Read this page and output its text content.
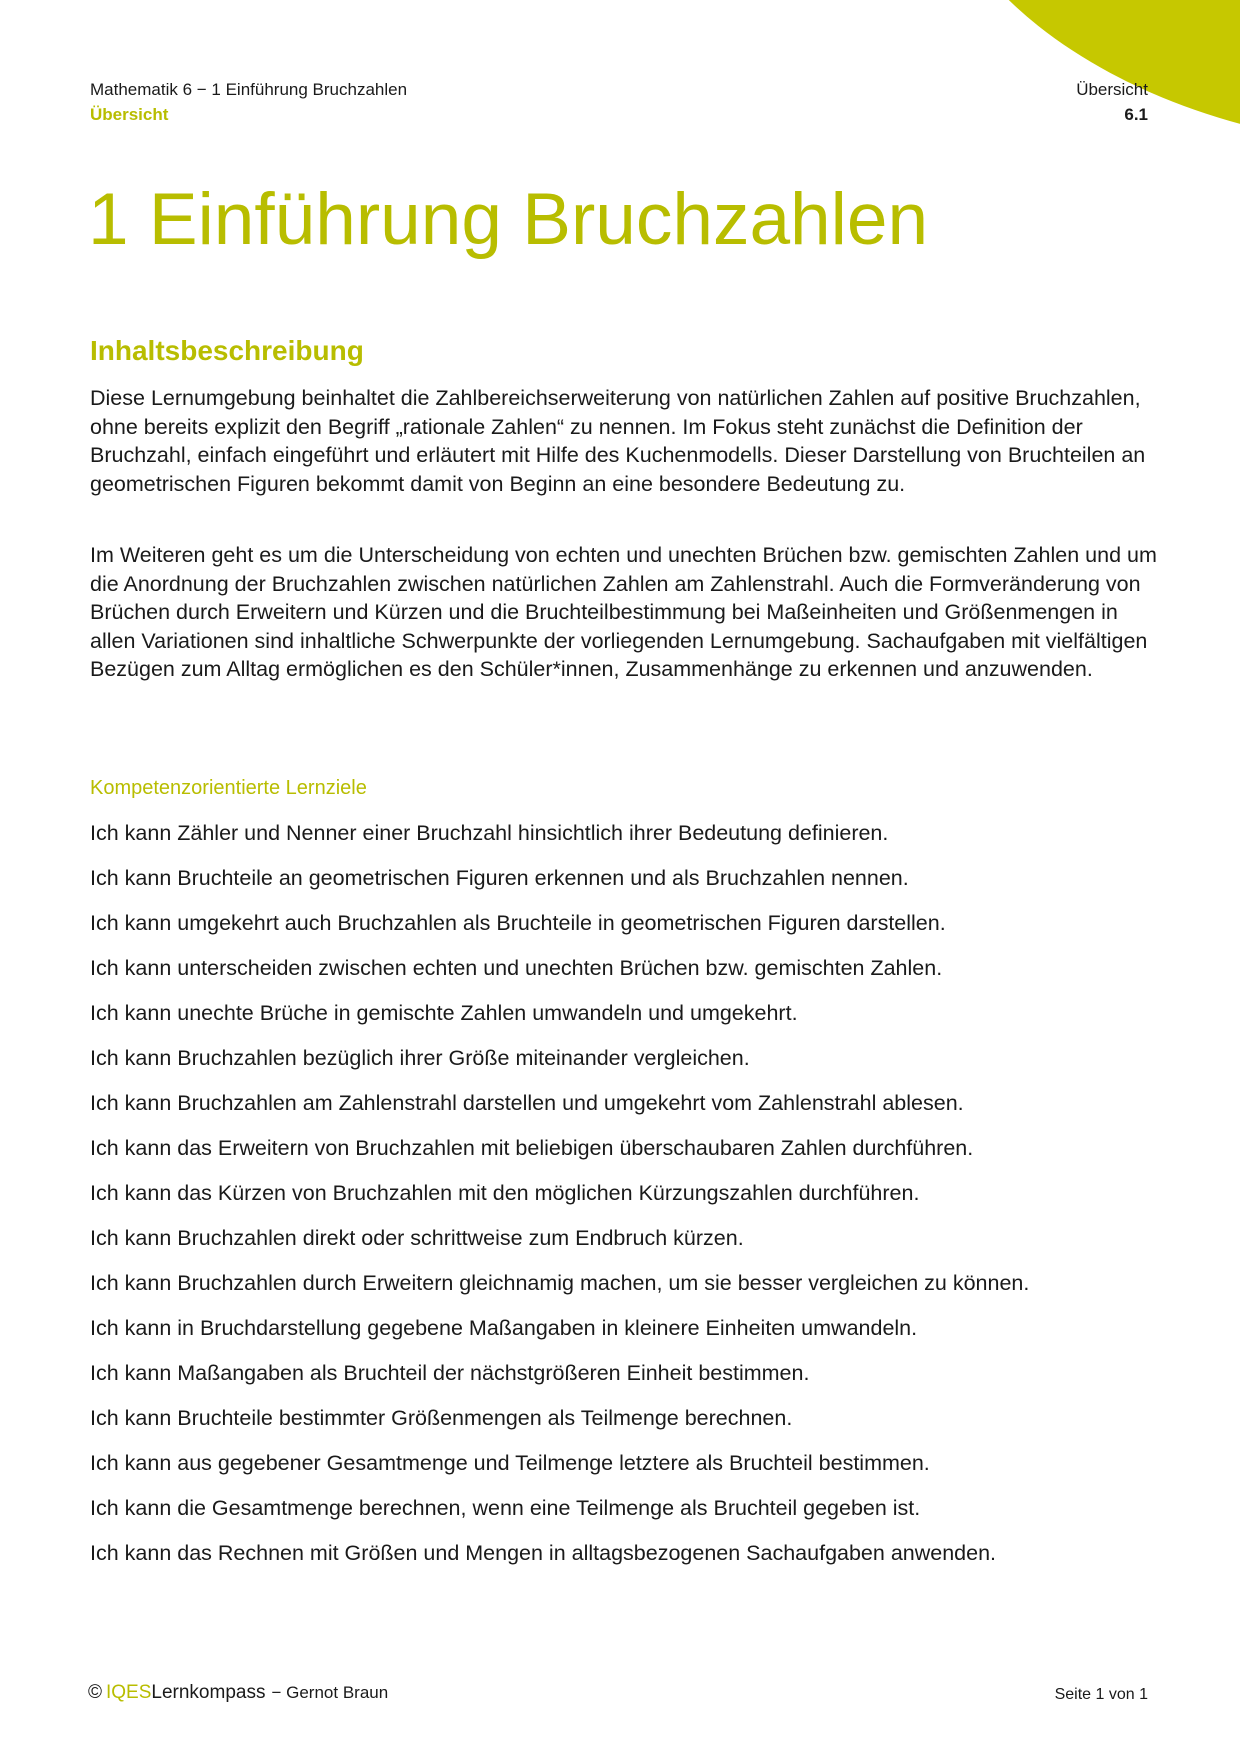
Mathematik 6 − 1 Einführung Bruchzahlen
Übersicht
Übersicht
6.1
1 Einführung Bruchzahlen
Inhaltsbeschreibung

Diese Lernumgebung beinhaltet die Zahlbereichserweiterung von natürlichen Zahlen auf positive Bruchzahlen, ohne bereits explizit den Begriff „rationale Zahlen“ zu nennen. Im Fokus steht zunächst die Definition der Bruchzahl, einfach eingeführt und erläutert mit Hilfe des Kuchenmodells. Dieser Darstellung von Bruchteilen an geometrischen Figuren bekommt damit von Beginn an eine besondere Bedeutung zu.

Im Weiteren geht es um die Unterscheidung von echten und unechten Brüchen bzw. gemischten Zahlen und um die Anordnung der Bruchzahlen zwischen natürlichen Zahlen am Zahlenstrahl. Auch die Formveränderung von Brüchen durch Erweitern und Kürzen und die Bruchteilbestimmung bei Maßeinheiten und Größenmengen in allen Variationen sind inhaltliche Schwerpunkte der vorliegenden Lernumgebung. Sachaufgaben mit vielfältigen Bezügen zum Alltag ermöglichen es den Schüler*innen, Zusammenhänge zu erkennen und anzuwenden.

Kompetenzorientierte Lernziele
Ich kann Zähler und Nenner einer Bruchzahl hinsichtlich ihrer Bedeutung definieren.
Ich kann Bruchteile an geometrischen Figuren erkennen und als Bruchzahlen nennen.
Ich kann umgekehrt auch Bruchzahlen als Bruchteile in geometrischen Figuren darstellen.
Ich kann unterscheiden zwischen echten und unechten Brüchen bzw. gemischten Zahlen.
Ich kann unechte Brüche in gemischte Zahlen umwandeln und umgekehrt.
Ich kann Bruchzahlen bezüglich ihrer Größe miteinander vergleichen.
Ich kann Bruchzahlen am Zahlenstrahl darstellen und umgekehrt vom Zahlenstrahl ablesen.
Ich kann das Erweitern von Bruchzahlen mit beliebigen überschaubaren Zahlen durchführen.
Ich kann das Kürzen von Bruchzahlen mit den möglichen Kürzungszahlen durchführen.
Ich kann Bruchzahlen direkt oder schrittweise zum Endbruch kürzen.
Ich kann Bruchzahlen durch Erweitern gleichnamig machen, um sie besser vergleichen zu können.
Ich kann in Bruchdarstellung gegebene Maßangaben in kleinere Einheiten umwandeln.
Ich kann Maßangaben als Bruchteil der nächstgrößeren Einheit bestimmen.
Ich kann Bruchteile bestimmter Größenmengen als Teilmenge berechnen.
Ich kann aus gegebener Gesamtmenge und Teilmenge letztere als Bruchteil bestimmen.
Ich kann die Gesamtmenge berechnen, wenn eine Teilmenge als Bruchteil gegeben ist.
Ich kann das Rechnen mit Größen und Mengen in alltagsbezogenen Sachaufgaben anwenden.
© IQESLernkompass − Gernot Braun	Seite 1 von 1
